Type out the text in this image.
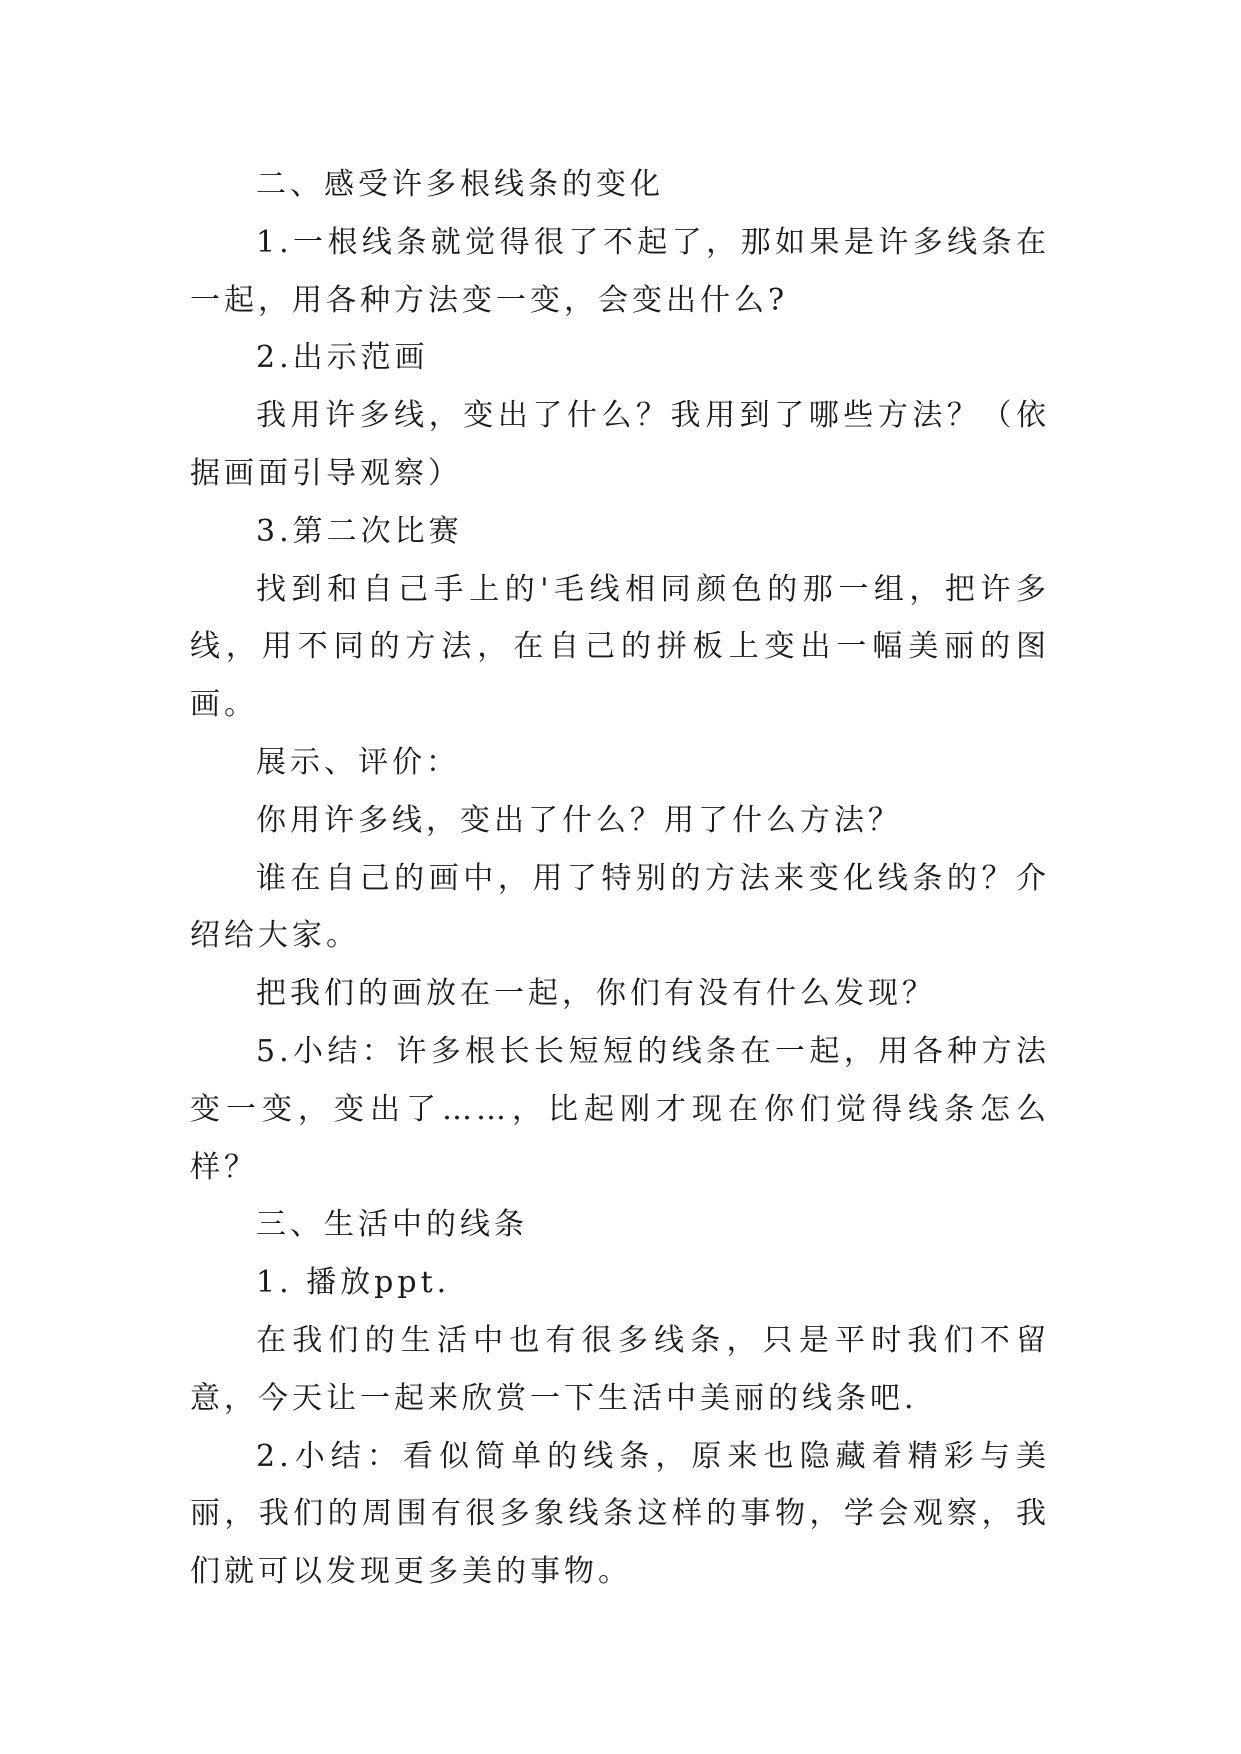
二、感受许多根线条的变化

1.一根线条就觉得很了不起了，那如果是许多线条在一起，用各种方法变一变，会变出什么?

2.出示范画

我用许多线，变出了什么？我用到了哪些方法？（依据画面引导观察）

3.第二次比赛

找到和自己手上的'毛线相同颜色的那一组，把许多线，用不同的方法，在自己的拼板上变出一幅美丽的图画。

展示、评价：

你用许多线，变出了什么？用了什么方法？

谁在自己的画中，用了特别的方法来变化线条的？介绍给大家。

把我们的画放在一起，你们有没有什么发现？

5.小结：许多根长长短短的线条在一起，用各种方法变一变，变出了……，比起刚才现在你们觉得线条怎么样？

三、生活中的线条

1. 播放ppt.

在我们的生活中也有很多线条，只是平时我们不留意，今天让一起来欣赏一下生活中美丽的线条吧.

2.小结：看似简单的线条，原来也隐藏着精彩与美丽，我们的周围有很多象线条这样的事物，学会观察，我们就可以发现更多美的事物。
